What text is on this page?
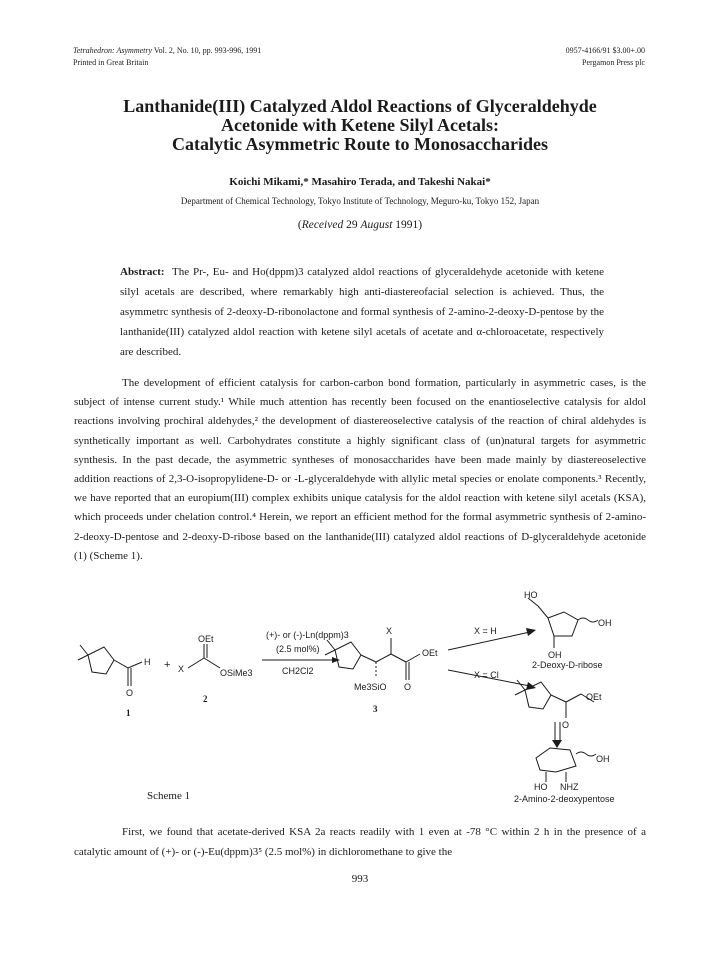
Tetrahedron: Asymmetry Vol. 2, No. 10, pp. 993-996, 1991
Printed in Great Britain
0957-4166/91 $3.00+.00
Pergamon Press plc
Lanthanide(III) Catalyzed Aldol Reactions of Glyceraldehyde
Acetonide with Ketene Silyl Acetals:
Catalytic Asymmetric Route to Monosaccharides
Koichi Mikami,* Masahiro Terada, and Takeshi Nakai*
Department of Chemical Technology, Tokyo Institute of Technology, Meguro-ku, Tokyo 152, Japan
(Received 29 August 1991)
Abstract: The Pr-, Eu- and Ho(dppm)3 catalyzed aldol reactions of glyceraldehyde acetonide with ketene silyl acetals are described, where remarkably high anti-diastereofacial selection is achieved. Thus, the asymmetrc synthesis of 2-deoxy-D-ribonolactone and formal synthesis of 2-amino-2-deoxy-D-pentose by the lanthanide(III) catalyzed aldol reaction with ketene silyl acetals of acetate and α-chloroacetate, respectively are described.
The development of efficient catalysis for carbon-carbon bond formation, particularly in asymmetric cases, is the subject of intense current study.¹ While much attention has recently been focused on the enantioselective catalysis for aldol reactions involving prochiral aldehydes,² the development of diastereoselective catalysis of the reaction of chiral aldehydes is synthetically important as well. Carbohydrates constitute a highly significant class of (un)natural targets for asymmetric synthesis. In the past decade, the asymmetric syntheses of monosaccharides have been made mainly by diastereoselective addition reactions of 2,3-O-isopropylidene-D- or -L-glyceraldehyde with allylic metal species or enolate components.³ Recently, we have reported that an europium(III) complex exhibits unique catalysis for the aldol reaction with ketene silyl acetals (KSA), which proceeds under chelation control.⁴ Herein, we report an efficient method for the formal asymmetric synthesis of 2-amino-2-deoxy-D-pentose and 2-deoxy-D-ribose based on the lanthanide(III) catalyzed aldol reactions of D-glyceraldehyde acetonide (1) (Scheme 1).
H
O
1
+ X
OEt
OSiMe3
2
(+)- or (-)-Ln(dppm)3
(2.5 mol%)
CH2Cl2
X
OEt
Me3SiO O
3
X = H
X = Cl
HO
OH
OH
2-Deoxy-D-ribose
OEt
O
OH
HO NHZ
2-Amino-2-deoxypentose
Scheme 1
First, we found that acetate-derived KSA 2a reacts readily with 1 even at -78 °C within 2 h in the presence of a catalytic amount of (+)- or (-)-Eu(dppm)3⁵ (2.5 mol%) in dichloromethane to give the
993
